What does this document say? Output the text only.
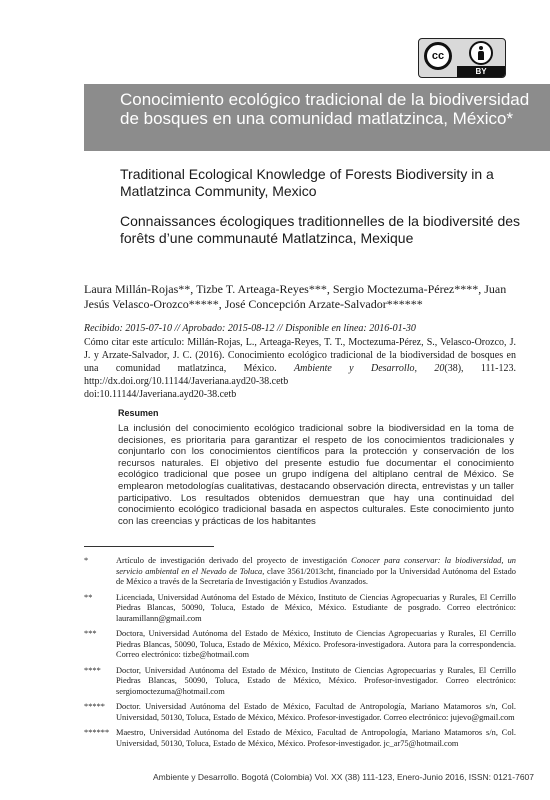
cc
BY
Conocimiento ecológico tradicional de la biodiversidad de bosques en una comunidad matlatzinca, México*
Traditional Ecological Knowledge of Forests Biodiversity in a Matlatzinca Community, Mexico
Connaissances écologiques traditionnelles de la biodiversité des forêts d’une communauté Matlatzinca, Mexique
Laura Millán-Rojas**, Tizbe T. Arteaga-Reyes***, Sergio Moctezuma-Pérez****, Juan Jesús Velasco-Orozco*****, José Concepción Arzate-Salvador******
Recibido: 2015-07-10 // Aprobado: 2015-08-12 // Disponible en línea: 2016-01-30
Cómo citar este artículo: Millán-Rojas, L., Arteaga-Reyes, T. T., Moctezuma-Pérez, S., Velasco-Orozco, J. J. y Arzate-Salvador, J. C. (2016). Conocimiento ecológico tradicional de la biodiversidad de bosques en una comunidad matlatzinca, México. Ambiente y Desarrollo, 20(38), 111-123. http://dx.doi.org/10.11144/Javeriana.ayd20-38.cetb
doi:10.11144/Javeriana.ayd20-38.cetb
Resumen
La inclusión del conocimiento ecológico tradicional sobre la biodiversidad en la toma de decisiones, es prioritaria para garantizar el respeto de los conocimientos tradicionales y conjuntarlo con los conocimientos científicos para la protección y conservación de los recursos naturales. El objetivo del presente estudio fue documentar el conocimiento ecológico tradicional que posee un grupo indígena del altiplano central de México. Se emplearon metodologías cualitativas, destacando observación directa, entrevistas y un taller participativo. Los resultados obtenidos demuestran que hay una continuidad del conocimiento ecológico tradicional basada en aspectos culturales. Este conocimiento junto con las creencias y prácticas de los habitantes
*	Artículo de investigación derivado del proyecto de investigación Conocer para conservar: la biodiversidad, un servicio ambiental en el Nevado de Toluca, clave 3561/2013cht, financiado por la Universidad Autónoma del Estado de México a través de la Secretaría de Investigación y Estudios Avanzados.
**	Licenciada, Universidad Autónoma del Estado de México, Instituto de Ciencias Agropecuarias y Rurales, El Cerrillo Piedras Blancas, 50090, Toluca, Estado de México, México. Estudiante de posgrado. Correo electrónico: lauramillann@gmail.com
***	Doctora, Universidad Autónoma del Estado de México, Instituto de Ciencias Agropecuarias y Rurales, El Cerrillo Piedras Blancas, 50090, Toluca, Estado de México, México. Profesora-investigadora. Autora para la correspondencia. Correo electrónico: tizbe@hotmail.com
****	Doctor, Universidad Autónoma del Estado de México, Instituto de Ciencias Agropecuarias y Rurales, El Cerrillo Piedras Blancas, 50090, Toluca, Estado de México, México. Profesor-investigador. Correo electrónico: sergiomoctezuma@hotmail.com
*****	Doctor. Universidad Autónoma del Estado de México, Facultad de Antropología, Mariano Matamoros s/n, Col. Universidad, 50130, Toluca, Estado de México, México. Profesor-investigador. Correo electrónico: jujevo@gmail.com
****** Maestro, Universidad Autónoma del Estado de México, Facultad de Antropología, Mariano Matamoros s/n, Col. Universidad, 50130, Toluca, Estado de México, México. Profesor-investigador. jc_ar75@hotmail.com
Ambiente y Desarrollo. Bogotá (Colombia) Vol. XX (38) 111-123, Enero-Junio 2016, ISSN: 0121-7607
